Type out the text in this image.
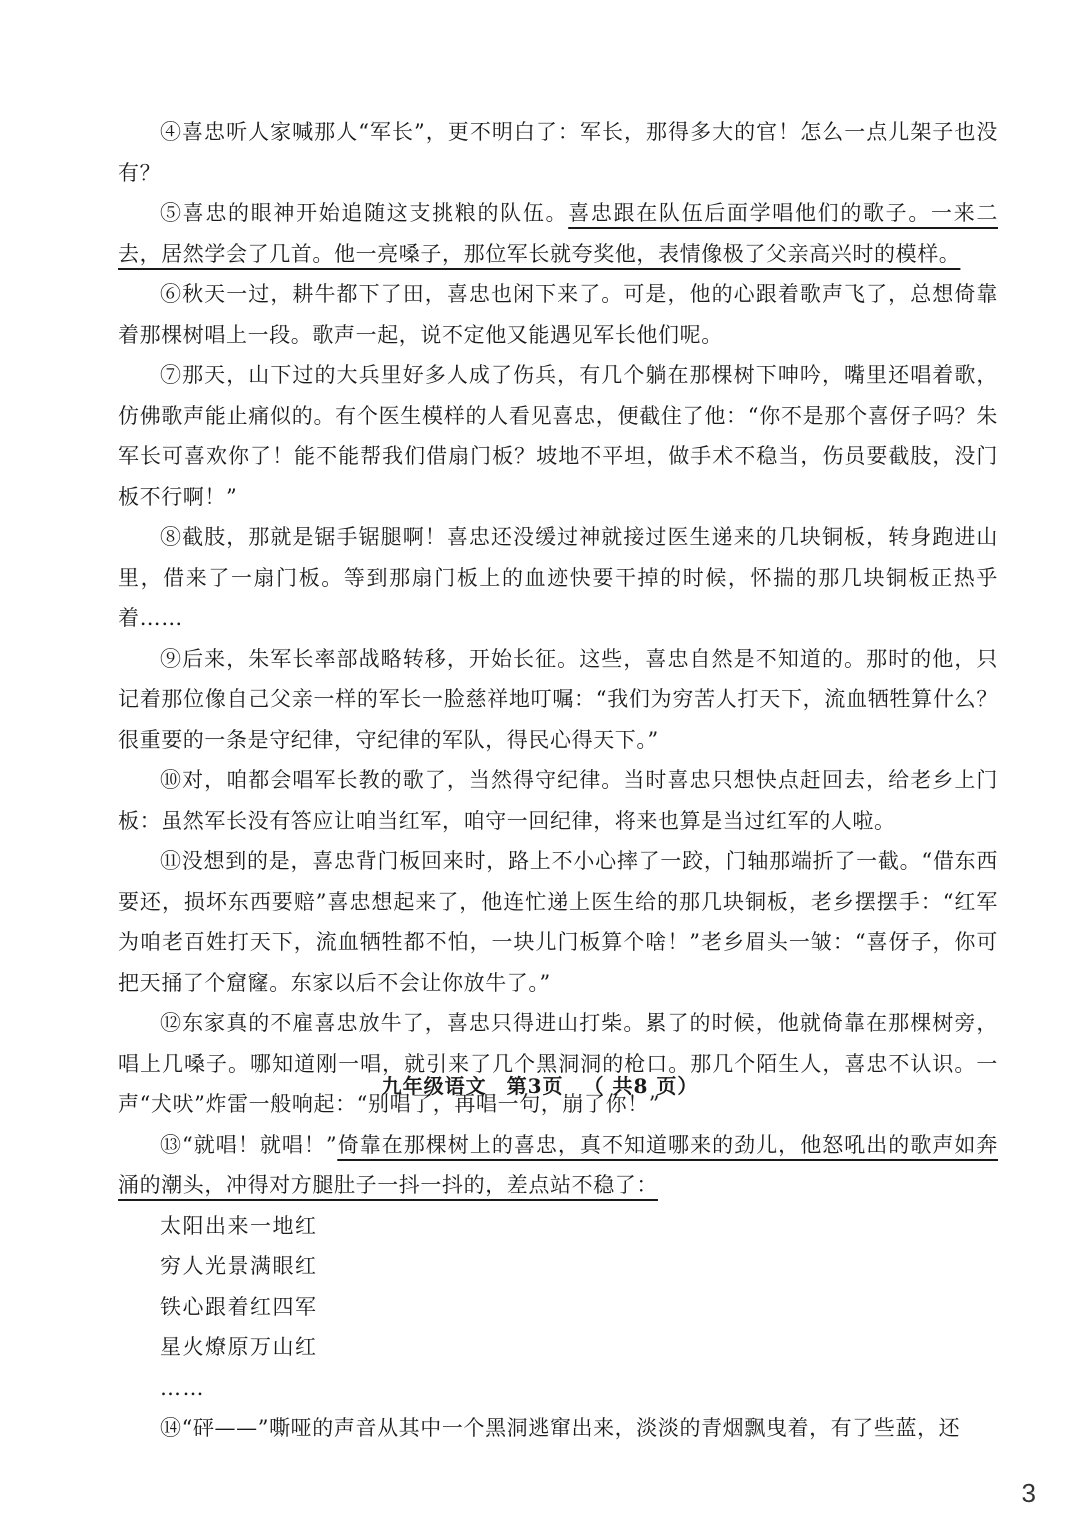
④喜忠听人家喊那人“军长”，更不明白了：军长，那得多大的官！怎么一点儿架子也没有？

⑤喜忠的眼神开始追随这支挑粮的队伍。喜忠跟在队伍后面学唱他们的歌子。一来二去，居然学会了几首。他一亮嗓子，那位军长就夸奖他，表情像极了父亲高兴时的模样。

⑥秋天一过，耕牛都下了田，喜忠也闲下来了。可是，他的心跟着歌声飞了，总想倚靠着那棵树唱上一段。歌声一起，说不定他又能遇见军长他们呢。

⑦那天，山下过的大兵里好多人成了伤兵，有几个躺在那棵树下呻吟，嘴里还唱着歌，仿佛歌声能止痛似的。有个医生模样的人看见喜忠，便截住了他：“你不是那个喜伢子吗？朱军长可喜欢你了！能不能帮我们借扇门板？坡地不平坦，做手术不稳当，伤员要截肢，没门板不行啊！”

⑧截肢，那就是锯手锯腿啊！喜忠还没缓过神就接过医生递来的几块铜板，转身跑进山里，借来了一扇门板。等到那扇门板上的血迹快要干掉的时候，怀揣的那几块铜板正热乎着……

⑨后来，朱军长率部战略转移，开始长征。这些，喜忠自然是不知道的。那时的他，只记着那位像自己父亲一样的军长一脸慈祥地叮嘱：“我们为穷苦人打天下，流血牺牲算什么？很重要的一条是守纪律，守纪律的军队，得民心得天下。”

⑩对，咱都会唱军长教的歌了，当然得守纪律。当时喜忠只想快点赶回去，给老乡上门板：虽然军长没有答应让咱当红军，咱守一回纪律，将来也算是当过红军的人啦。

⑪没想到的是，喜忠背门板回来时，路上不小心摔了一跤，门轴那端折了一截。“借东西要还，损坏东西要赔”喜忠想起来了，他连忙递上医生给的那几块铜板，老乡摆摆手：“红军为咱老百姓打天下，流血牺牲都不怕，一块儿门板算个啥！”老乡眉头一皱：“喜伢子，你可把天捅了个窟窿。东家以后不会让你放牛了。”

⑫东家真的不雇喜忠放牛了，喜忠只得进山打柴。累了的时候，他就倚靠在那棵树旁，唱上几嗓子。哪知道刚一唱，就引来了几个黑洞洞的枪口。那几个陌生人，喜忠不认识。一声“犬吠”炸雷一般响起：“别唱了，再唱一句，崩了你！”

⑬“就唱！就唱！”倚靠在那棵树上的喜忠，真不知道哪来的劲儿，他怒吼出的歌声如奔涌的潮头，冲得对方腿肚子一抖一抖的，差点站不稳了：

太阳出来一地红
穷人光景满眼红
铁心跟着红四军
星火燎原万山红
……

⑭“砰——”嘶哑的声音从其中一个黑洞逃窜出来，淡淡的青烟飘曳着，有了些蓝，还

九年级语文 第3页 （ 共8 页）
3
